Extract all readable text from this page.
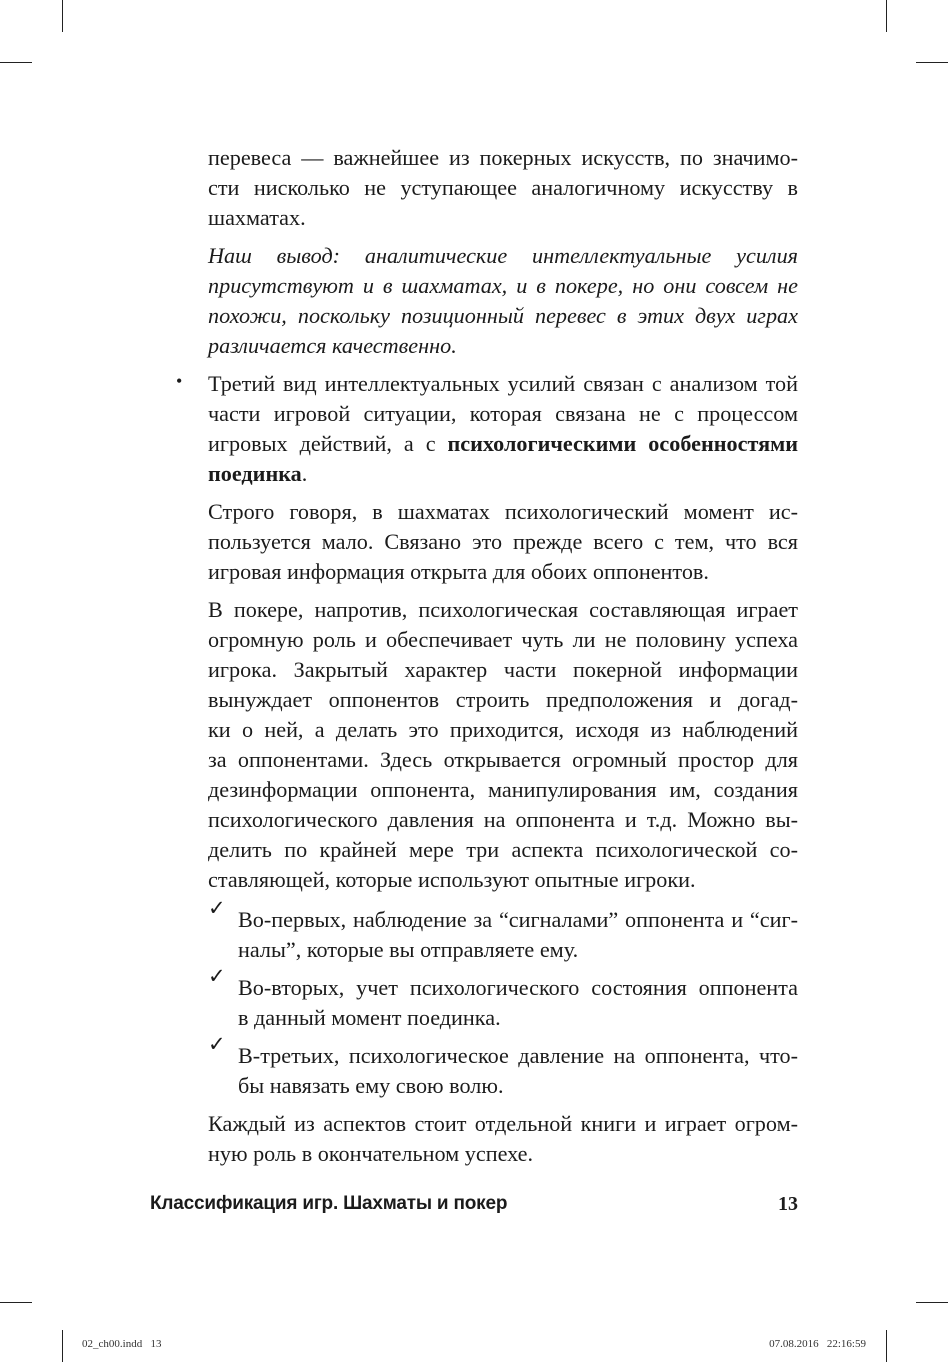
•
✓
✓
✓
перевеса — важнейшее из покерных искусств, по значимо-
сти нисколько не уступающее аналогичному искусству в
шахматах.
Наш вывод: аналитические интеллектуальные усилия
присутствуют и в шахматах, и в покере, но они совсем не
похожи, поскольку позиционный перевес в этих двух играх
различается качественно.
Третий вид интеллектуальных усилий связан с анализом той
части игровой ситуации, которая связана не с процессом
игровых действий, а с психологическими особенностями
поединка.
Строго говоря, в шахматах психологический момент ис-
пользуется мало. Связано это прежде всего с тем, что вся
игровая информация открыта для обоих оппонентов.
В покере, напротив, психологическая составляющая играет
огромную роль и обеспечивает чуть ли не половину успеха
игрока. Закрытый характер части покерной информации
вынуждает оппонентов строить предположения и догад-
ки о ней, а делать это приходится, исходя из наблюдений
за оппонентами. Здесь открывается огромный простор для
дезинформации оппонента, манипулирования им, создания
психологического давления на оппонента и т.д. Можно вы-
делить по крайней мере три аспекта психологической со-
ставляющей, которые используют опытные игроки.
Во-первых, наблюдение за “сигналами” оппонента и “сиг-
налы”, которые вы отправляете ему.
Во-вторых, учет психологического состояния оппонента
в данный момент поединка.
В-третьих, психологическое давление на оппонента, что-
бы навязать ему свою волю.
Каждый из аспектов стоит отдельной книги и играет огром-
ную роль в окончательном успехе.
Классификация игр. Шахматы и покер	13
02_ch00.indd   13	07.08.2016   22:16:59
